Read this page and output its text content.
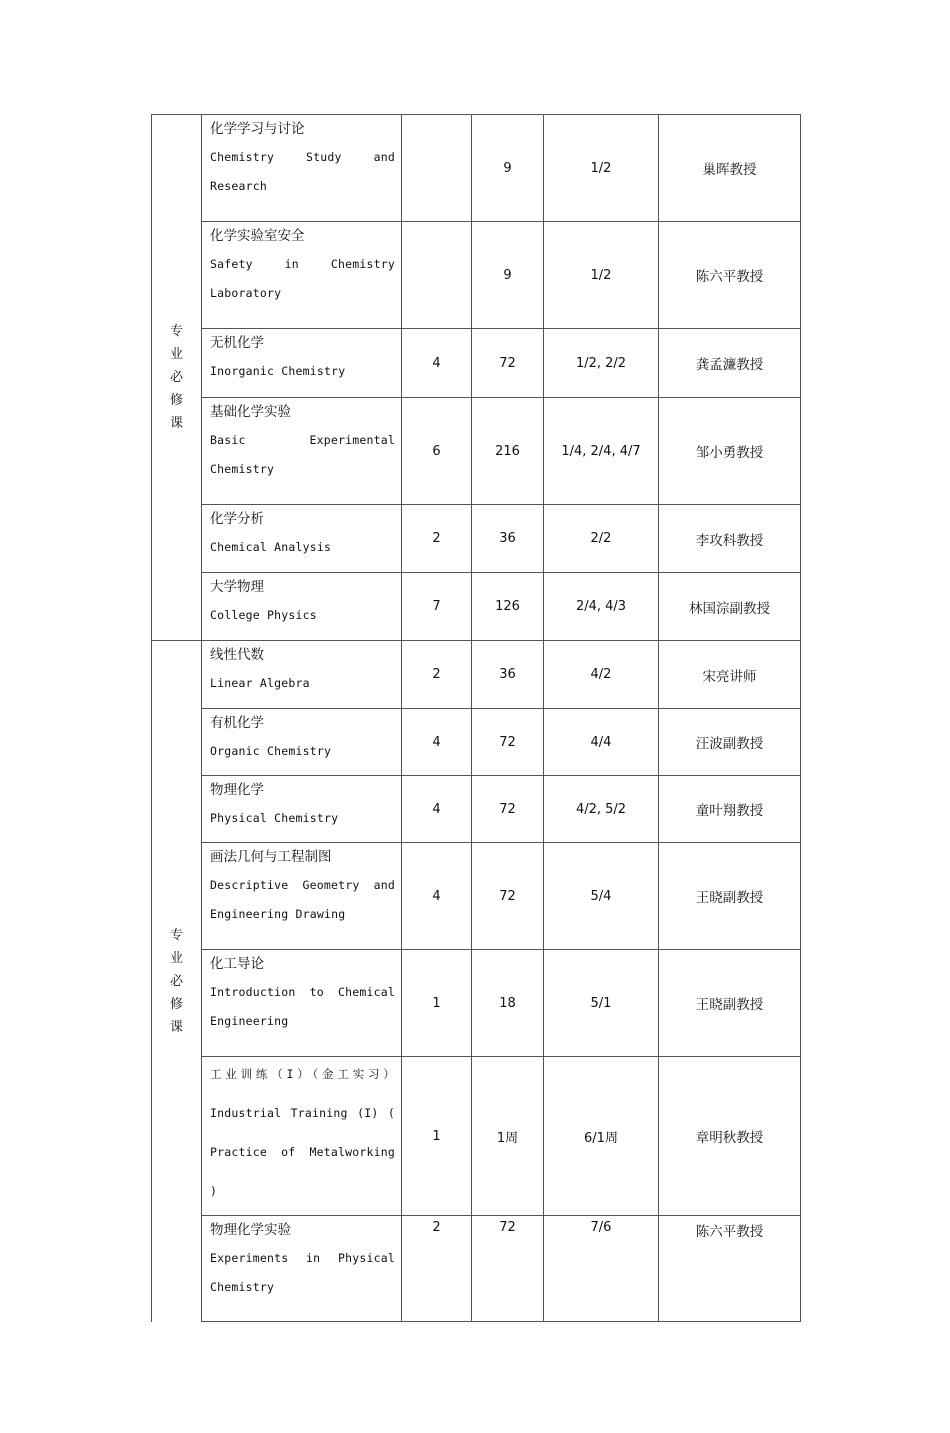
专业必修课	化学学习与讨论
Chemistry Study and Research		9	1/2	巢晖教授

	化学实验室安全
Safety in Chemistry Laboratory		9	1/2	陈六平教授

	无机化学
Inorganic Chemistry	4	72	1/2, 2/2	龚孟濂教授

	基础化学实验
Basic Experimental Chemistry	6	216	1/4, 2/4, 4/7	邹小勇教授

	化学分析
Chemical Analysis	2	36	2/2	李攻科教授

	大学物理
College Physics	7	126	2/4, 4/3	林国淙副教授
专业必修课	线性代数
Linear Algebra	2	36	4/2	宋亮讲师

	有机化学
Organic Chemistry	4	72	4/4	汪波副教授

	物理化学
Physical Chemistry	4	72	4/2, 5/2	童叶翔教授

	画法几何与工程制图
Descriptive Geometry and Engineering Drawing	4	72	5/4	王晓副教授

	化工导论
Introduction to Chemical Engineering	1	18	5/1	王晓副教授

	工业训练（I）（金工实习）Industrial Training (I) ( Practice of Metalworking )	1	1周	6/1周	章明秋教授

	物理化学实验
Experiments in Physical Chemistry	2	72	7/6	陈六平教授
